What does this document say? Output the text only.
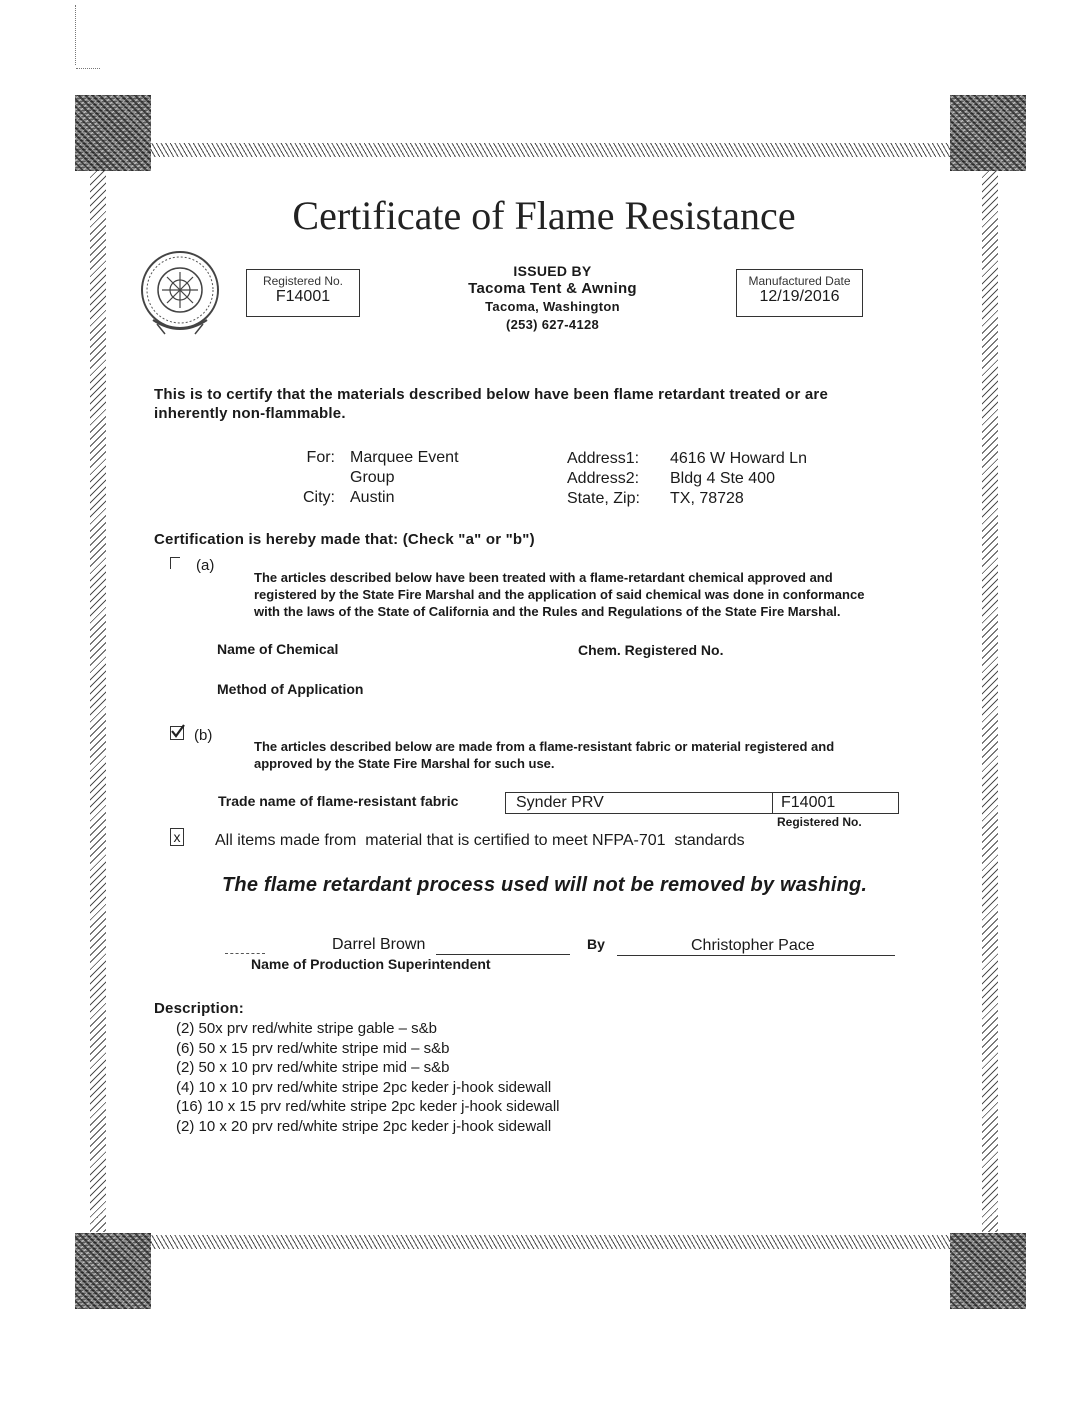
Certificate of Flame Resistance
Registered No.
F14001
ISSUED BY
Tacoma Tent & Awning
Tacoma, Washington
(253) 627-4128
Manufactured Date
12/19/2016
This is to certify that the materials described below have been flame retardant treated or are
inherently non-flammable.
For: Marquee Event
Group
City: Austin
Address1: 4616 W Howard Ln
Address2: Bldg 4 Ste 400
State, Zip: TX, 78728
Certification is hereby made that: (Check "a" or "b")
(a)
The articles described below have been treated with a flame-retardant chemical approved and
registered by the State Fire Marshal and the application of said chemical was done in conformance
with the laws of the State of California and the Rules and Regulations of the State Fire Marshal.
Name of Chemical	Chem. Registered No.
Method of Application
(b)
The articles described below are made from a flame-resistant fabric or material registered and
approved by the State Fire Marshal for such use.
Trade name of flame-resistant fabric	Synder PRV	F14001
Registered No.
x All items made from  material that is certified to meet NFPA-701  standards
The flame retardant process used will not be removed by washing.
Darrel Brown
Name of Production Superintendent
By	Christopher Pace
Description:
(2) 50x prv red/white stripe gable – s&b
(6) 50 x 15 prv red/white stripe mid – s&b
(2) 50 x 10 prv red/white stripe mid – s&b
(4) 10 x 10 prv red/white stripe 2pc keder j-hook sidewall
(16) 10 x 15 prv red/white stripe 2pc keder j-hook sidewall
(2) 10 x 20 prv red/white stripe 2pc keder j-hook sidewall
